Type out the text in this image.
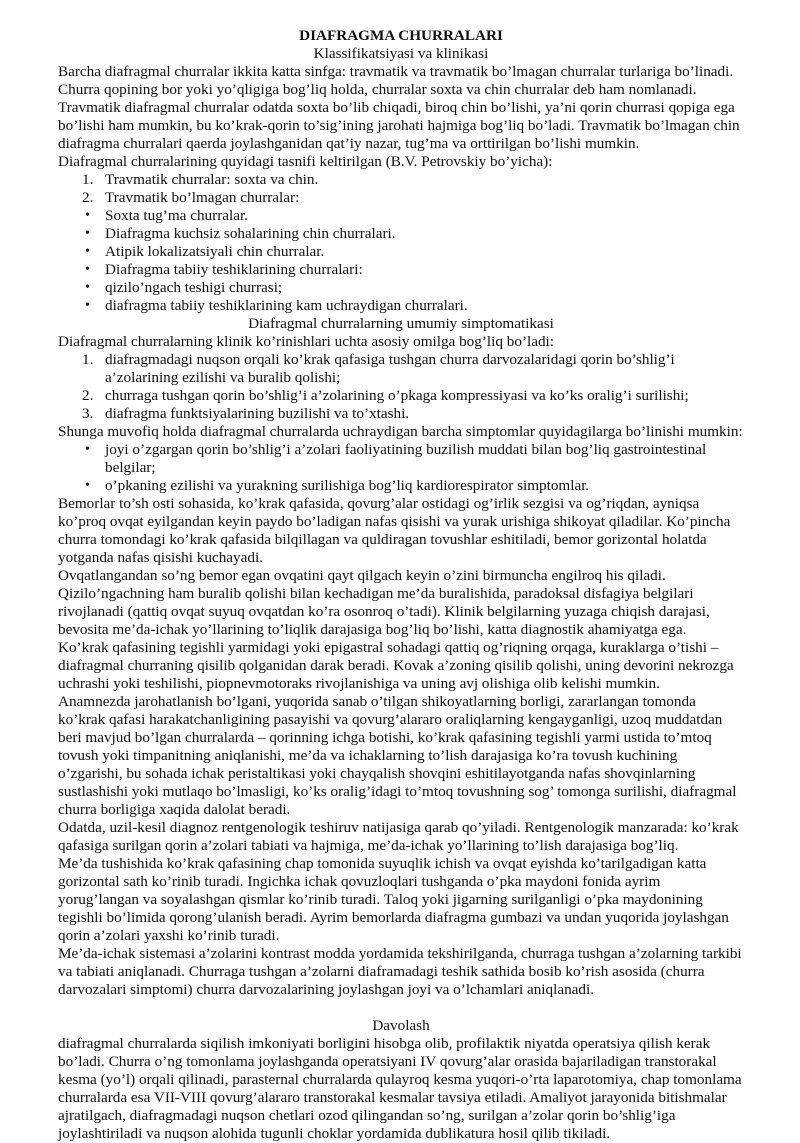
DIAFRAGMA CHURRALARI

Klassifikatsiyasi va klinikasi

Barcha diafragmal churralar ikkita katta sinfga: travmatik va travmatik bo’lmagan churralar turlariga bo’linadi. Churra qopining bor yoki yo’qligiga bog’liq holda, churralar soxta va chin churralar deb ham nomlanadi. Travmatik diafragmal churralar odatda soxta bo’lib chiqadi, biroq chin bo’lishi, ya’ni qorin churrasi qopiga ega bo’lishi ham mumkin, bu ko’krak-qorin to’sig’ining jarohati hajmiga bog’liq bo’ladi. Travmatik bo’lmagan chin diafragma churralari qaerda joylashganidan qat’iy nazar, tug’ma va orttirilgan bo’lishi mumkin.

Diafragmal churralarining quyidagi tasnifi keltirilgan (B.V. Petrovskiy bo’yicha):

1. Travmatik churralar: soxta va chin.
2. Travmatik bo’lmagan churralar:
• Soxta tug’ma churralar.
• Diafragma kuchsiz sohalarining chin churralari.
• Atipik lokalizatsiyali chin churralar.
• Diafragma tabiiy teshiklarining churralari:
• qizilo’ngach teshigi churrasi;
• diafragma tabiiy teshiklarining kam uchraydigan churralari.

Diafragmal churralarning umumiy simptomatikasi

Diafragmal churralarning klinik ko’rinishlari uchta asosiy omilga bog’liq bo’ladi:

1. diafragmadagi nuqson orqali ko’krak qafasiga tushgan churra darvozalaridagi qorin bo’shlig’i a’zolarining ezilishi va buralib qolishi;
2. churraga tushgan qorin bo’shlig’i a’zolarining o’pkaga kompressiyasi va ko’ks oralig’i surilishi;
3. diafragma funktsiyalarining buzilishi va to’xtashi.

Shunga muvofiq holda diafragmal churralarda uchraydigan barcha simptomlar quyidagilarga bo’linishi mumkin:

• joyi o’zgargan qorin bo’shlig’i a’zolari faoliyatining buzilish muddati bilan bog’liq gastrointestinal belgilar;
• o’pkaning ezilishi va yurakning surilishiga bog’liq kardiorespirator simptomlar.

Bemorlar to’sh osti sohasida, ko’krak qafasida, qovurg’alar ostidagi og’irlik sezgisi va og’riqdan, ayniqsa ko’proq ovqat eyilgandan keyin paydo bo’ladigan nafas qisishi va yurak urishiga shikoyat qiladilar. Ko’pincha churra tomondagi ko’krak qafasida bilqillagan va quldiragan tovushlar eshitiladi, bemor gorizontal holatda yotganda nafas qisishi kuchayadi.

Ovqatlangandan so’ng bemor egan ovqatini qayt qilgach keyin o’zini birmuncha engilroq his qiladi.

Qizilo’ngachning ham buralib qolishi bilan kechadigan me’da buralishida, paradoksal disfagiya belgilari rivojlanadi (qattiq ovqat suyuq ovqatdan ko’ra osonroq o’tadi). Klinik belgilarning yuzaga chiqish darajasi, bevosita me’da-ichak yo’llarining to’liqlik darajasiga bog’liq bo’lishi, katta diagnostik ahamiyatga ega.

Ko’krak qafasining tegishli yarmidagi yoki epigastral sohadagi qattiq og’riqning orqaga, kuraklarga o’tishi – diafragmal churraning qisilib qolganidan darak beradi. Kovak a’zoning qisilib qolishi, uning devorini nekrozga uchrashi yoki teshilishi, piopnevmotoraks rivojlanishiga va uning avj olishiga olib kelishi mumkin.

Anamnezda jarohatlanish bo’lgani, yuqorida sanab o’tilgan shikoyatlarning borligi, zararlangan tomonda ko’krak qafasi harakatchanligining pasayishi va qovurg’alararo oraliqlarning kengayganligi, uzoq muddatdan beri mavjud bo’lgan churralarda – qorinning ichga botishi, ko’krak qafasining tegishli yarmi ustida to’mtoq tovush yoki timpanitning aniqlanishi, me’da va ichaklarning to’lish darajasiga ko’ra tovush kuchining o’zgarishi, bu sohada ichak peristaltikasi yoki chayqalish shovqini eshitilayotganda nafas shovqinlarning sustlashishi yoki mutlaqo bo’lmasligi, ko’ks oralig’idagi to’mtoq tovushning sog’ tomonga surilishi, diafragmal churra borligiga xaqida dalolat beradi.

Odatda, uzil-kesil diagnoz rentgenologik teshiruv natijasiga qarab qo’yiladi. Rentgenologik manzarada: ko’krak qafasiga surilgan qorin a’zolari tabiati va hajmiga, me’da-ichak yo’llarining to’lish darajasiga bog’liq.

Me’da tushishida ko’krak qafasining chap tomonida suyuqlik ichish va ovqat eyishda ko’tarilgadigan katta gorizontal sath ko’rinib turadi. Ingichka ichak qovuzloqlari tushganda o’pka maydoni fonida ayrim yorug’langan va soyalashgan qismlar ko’rinib turadi. Taloq yoki jigarning surilganligi o’pka maydonining tegishli bo’limida qorong’ulanish beradi. Ayrim bemorlarda diafragma gumbazi va undan yuqorida joylashgan qorin a’zolari yaxshi ko’rinib turadi.

Me’da-ichak sistemasi a’zolarini kontrast modda yordamida tekshirilganda, churraga tushgan a’zolarning tarkibi va tabiati aniqlanadi. Churraga tushgan a’zolarni diaframadagi teshik sathida bosib ko’rish asosida (churra darvozalari simptomi) churra darvozalarining joylashgan joyi va o’lchamlari aniqlanadi.

Davolash

diafragmal churralarda siqilish imkoniyati borligini hisobga olib, profilaktik niyatda operatsiya qilish kerak bo’ladi. Churra o’ng tomonlama joylashganda operatsiyani IV qovurg’alar orasida bajariladigan transtorakal kesma (yo’l) orqali qilinadi, parasternal churralarda qulayroq kesma yuqori-o’rta laparotomiya, chap tomonlama churralarda esa VII-VIII qovurg’alararo transtorakal kesmalar tavsiya etiladi. Amaliyot jarayonida bitishmalar ajratilgach, diafragmadagi nuqson chetlari ozod qilingandan so’ng, surilgan a’zolar qorin bo’shlig’iga joylashtiriladi va nuqson alohida tugunli choklar yordamida dublikatura hosil qilib tikiladi.
